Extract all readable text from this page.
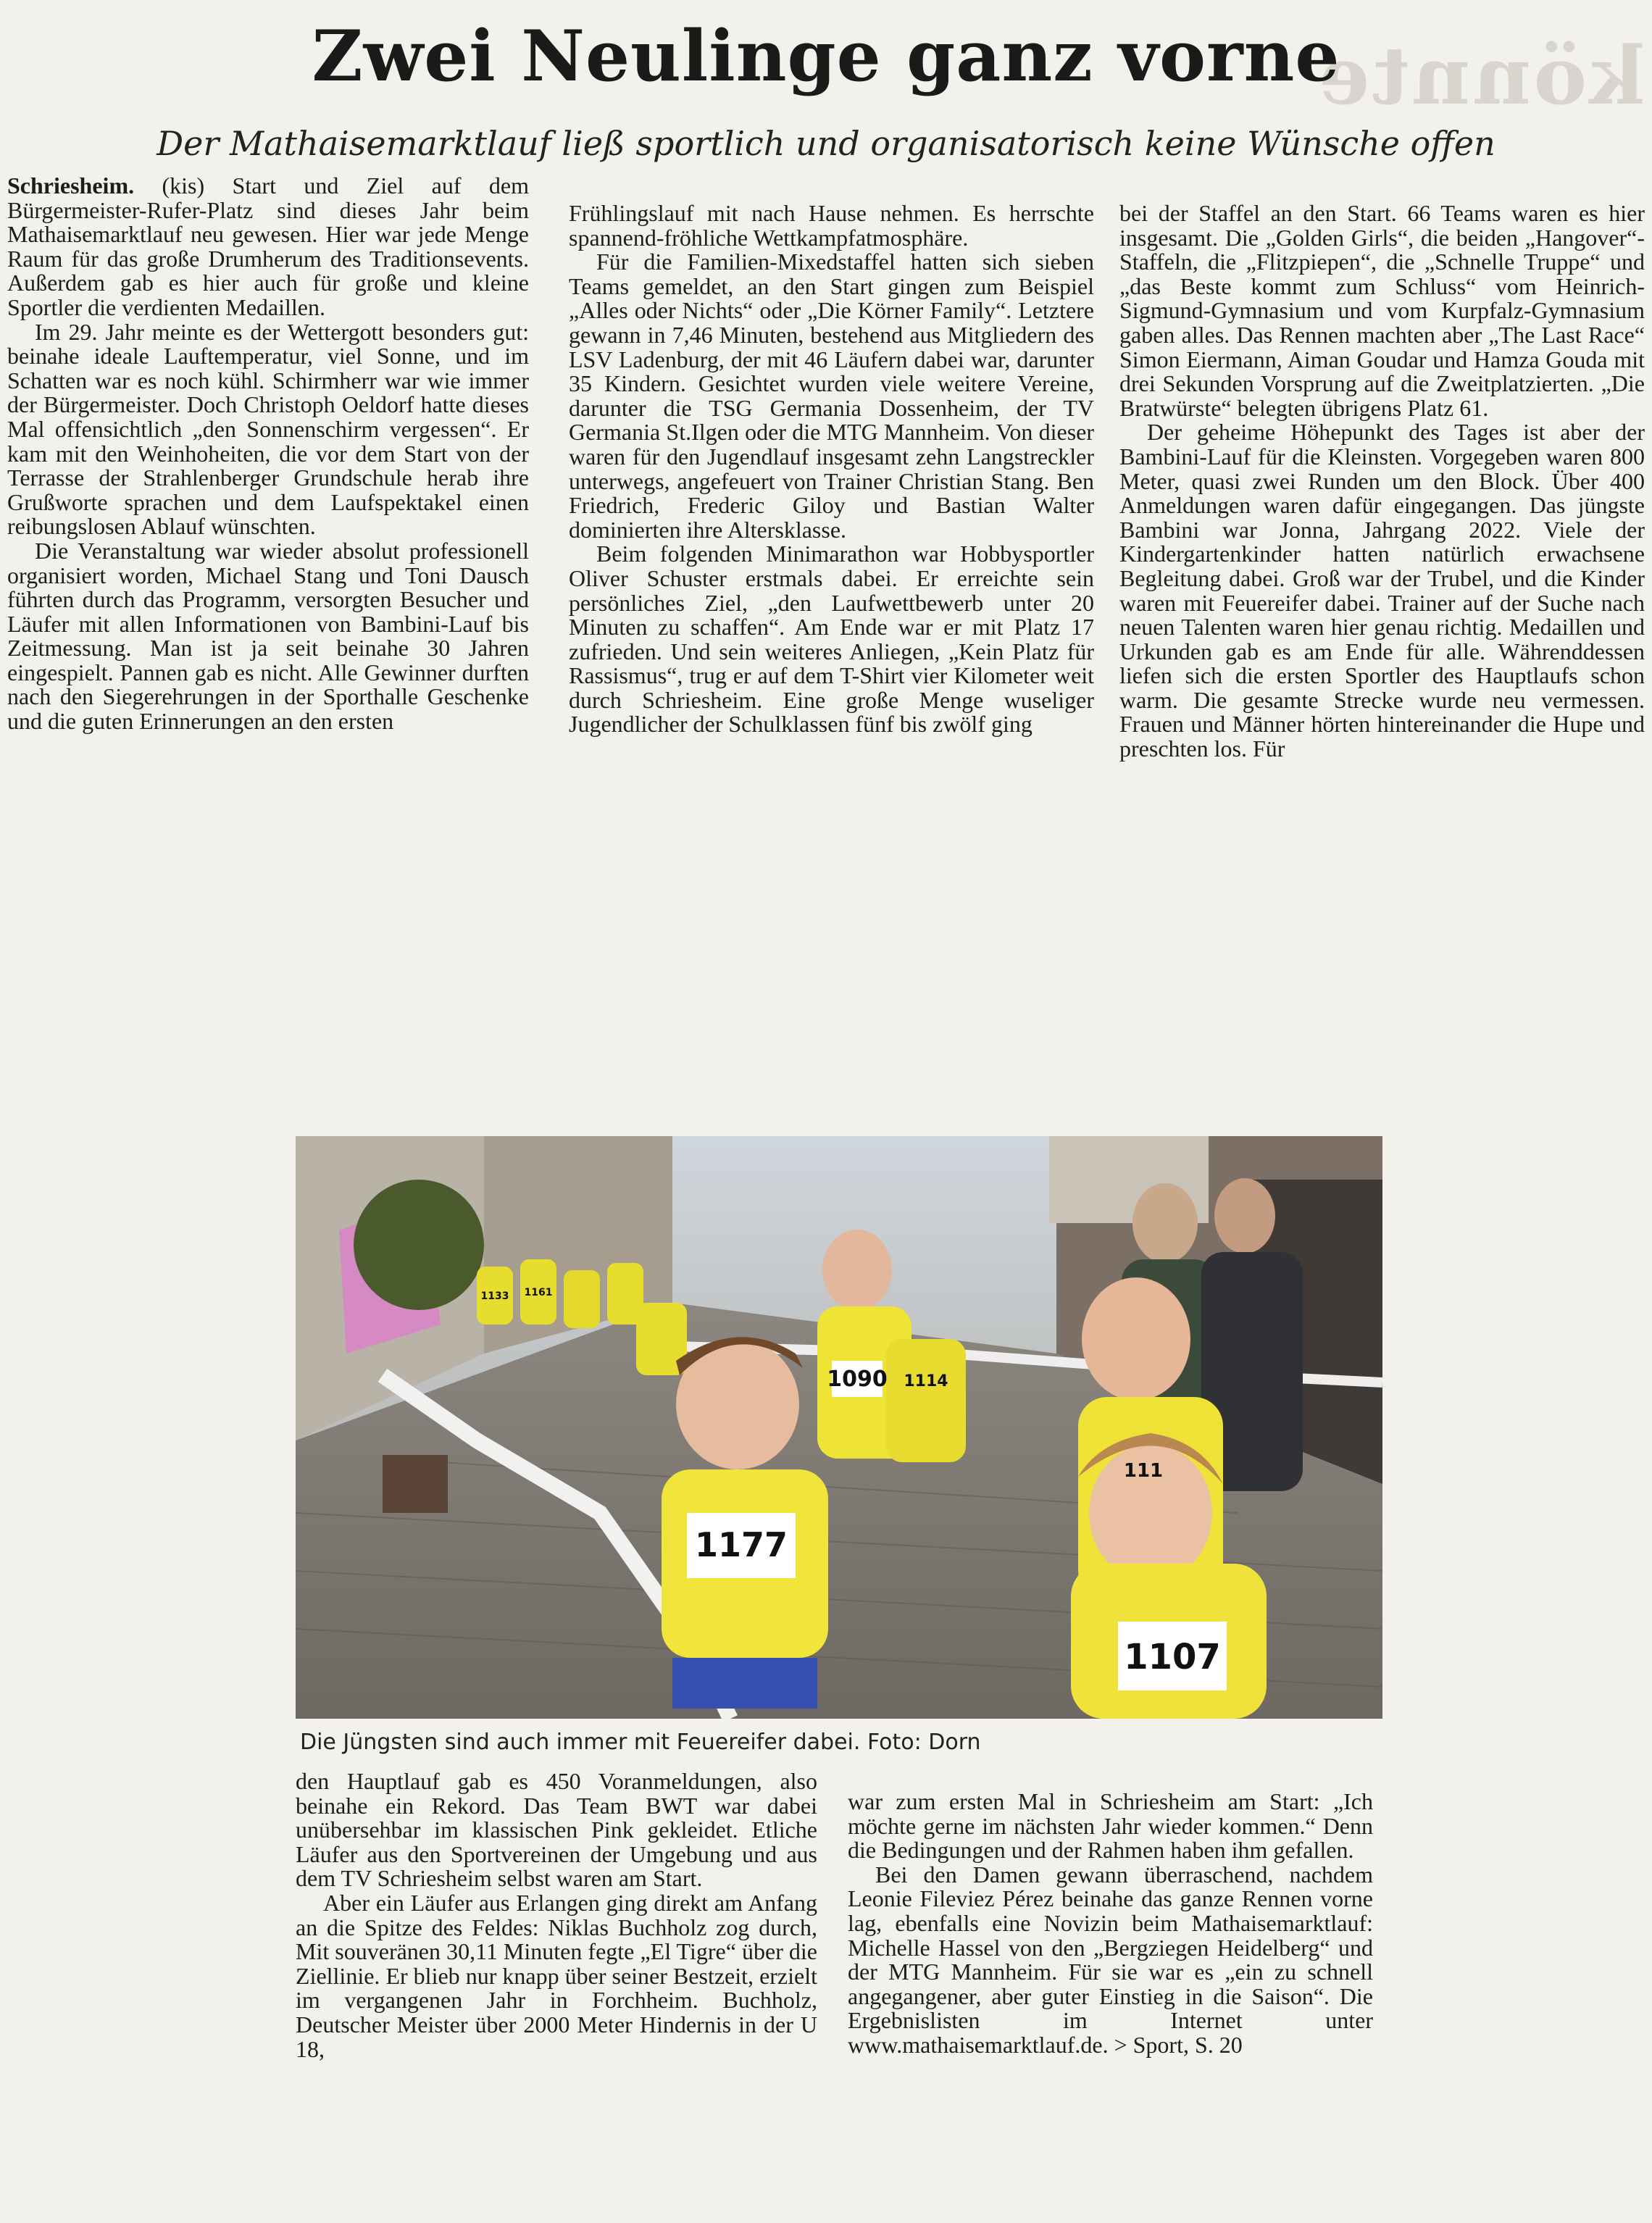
könnte
Zwei Neulinge ganz vorne
Der Mathaisemarktlauf ließ sportlich und organisatorisch keine Wünsche offen

Schriesheim. (kis) Start und Ziel auf dem Bürgermeister-Rufer-Platz sind dieses Jahr beim Mathaisemarktlauf neu gewesen. Hier war jede Menge Raum für das große Drumherum des Traditionsevents. Außerdem gab es hier auch für große und kleine Sportler die verdienten Medaillen.

Im 29. Jahr meinte es der Wettergott besonders gut: beinahe ideale Lauftemperatur, viel Sonne, und im Schatten war es noch kühl. Schirmherr war wie immer der Bürgermeister. Doch Christoph Oeldorf hatte dieses Mal offensichtlich „den Sonnenschirm vergessen“. Er kam mit den Weinhoheiten, die vor dem Start von der Terrasse der Strahlenberger Grundschule herab ihre Grußworte sprachen und dem Laufspektakel einen reibungslosen Ablauf wünschten.

Die Veranstaltung war wieder absolut professionell organisiert worden, Michael Stang und Toni Dausch führten durch das Programm, versorgten Besucher und Läufer mit allen Informationen von Bambini-Lauf bis Zeitmessung. Man ist ja seit beinahe 30 Jahren eingespielt. Pannen gab es nicht. Alle Gewinner durften nach den Siegerehrungen in der Sporthalle Geschenke und die guten Erinnerungen an den ersten

Frühlingslauf mit nach Hause nehmen. Es herrschte spannend-fröhliche Wettkampfatmosphäre.

Für die Familien-Mixedstaffel hatten sich sieben Teams gemeldet, an den Start gingen zum Beispiel „Alles oder Nichts“ oder „Die Körner Family“. Letztere gewann in 7,46 Minuten, bestehend aus Mitgliedern des LSV Ladenburg, der mit 46 Läufern dabei war, darunter 35 Kindern. Gesichtet wurden viele weitere Vereine, darunter die TSG Germania Dossenheim, der TV Germania St.Ilgen oder die MTG Mannheim. Von dieser waren für den Jugendlauf insgesamt zehn Langstreckler unterwegs, angefeuert von Trainer Christian Stang. Ben Friedrich, Frederic Giloy und Bastian Walter dominierten ihre Altersklasse.

Beim folgenden Minimarathon war Hobbysportler Oliver Schuster erstmals dabei. Er erreichte sein persönliches Ziel, „den Laufwettbewerb unter 20 Minuten zu schaffen“. Am Ende war er mit Platz 17 zufrieden. Und sein weiteres Anliegen, „Kein Platz für Rassismus“, trug er auf dem T-Shirt vier Kilometer weit durch Schriesheim. Eine große Menge wuseliger Jugendlicher der Schulklassen fünf bis zwölf ging

bei der Staffel an den Start. 66 Teams waren es hier insgesamt. Die „Golden Girls“, die beiden „Hangover“-Staffeln, die „Flitzpiepen“, die „Schnelle Truppe“ und „das Beste kommt zum Schluss“ vom Heinrich-Sigmund-Gymnasium und vom Kurpfalz-Gymnasium gaben alles. Das Rennen machten aber „The Last Race“ Simon Eiermann, Aiman Goudar und Hamza Gouda mit drei Sekunden Vorsprung auf die Zweitplatzierten. „Die Bratwürste“ belegten übrigens Platz 61.

Der geheime Höhepunkt des Tages ist aber der Bambini-Lauf für die Kleinsten. Vorgegeben waren 800 Meter, quasi zwei Runden um den Block. Über 400 Anmeldungen waren dafür eingegangen. Das jüngste Bambini war Jonna, Jahrgang 2022. Viele der Kindergartenkinder hatten natürlich erwachsene Begleitung dabei. Groß war der Trubel, und die Kinder waren mit Feuereifer dabei. Trainer auf der Suche nach neuen Talenten waren hier genau richtig. Medaillen und Urkunden gab es am Ende für alle. Währenddessen liefen sich die ersten Sportler des Hauptlaufs schon warm. Die gesamte Strecke wurde neu vermessen. Frauen und Männer hörten hintereinander die Hupe und preschten los. Für

1177
1107
1090 1114
1133 1161
111
Die Jüngsten sind auch immer mit Feuereifer dabei. Foto: Dorn

den Hauptlauf gab es 450 Voranmeldungen, also beinahe ein Rekord. Das Team BWT war dabei unübersehbar im klassischen Pink gekleidet. Etliche Läufer aus den Sportvereinen der Umgebung und aus dem TV Schriesheim selbst waren am Start.

Aber ein Läufer aus Erlangen ging direkt am Anfang an die Spitze des Feldes: Niklas Buchholz zog durch, Mit souveränen 30,11 Minuten fegte „El Tigre“ über die Ziellinie. Er blieb nur knapp über seiner Bestzeit, erzielt im vergangenen Jahr in Forchheim. Buchholz, Deutscher Meister über 2000 Meter Hindernis in der U 18,

war zum ersten Mal in Schriesheim am Start: „Ich möchte gerne im nächsten Jahr wieder kommen.“ Denn die Bedingungen und der Rahmen haben ihm gefallen.

Bei den Damen gewann überraschend, nachdem Leonie Fileviez Pérez beinahe das ganze Rennen vorne lag, ebenfalls eine Novizin beim Mathaisemarktlauf: Michelle Hassel von den „Bergziegen Heidelberg“ und der MTG Mannheim. Für sie war es „ein zu schnell angegangener, aber guter Einstieg in die Saison“. Die Ergebnislisten im Internet unter www.mathaisemarktlauf.de. > Sport, S. 20
